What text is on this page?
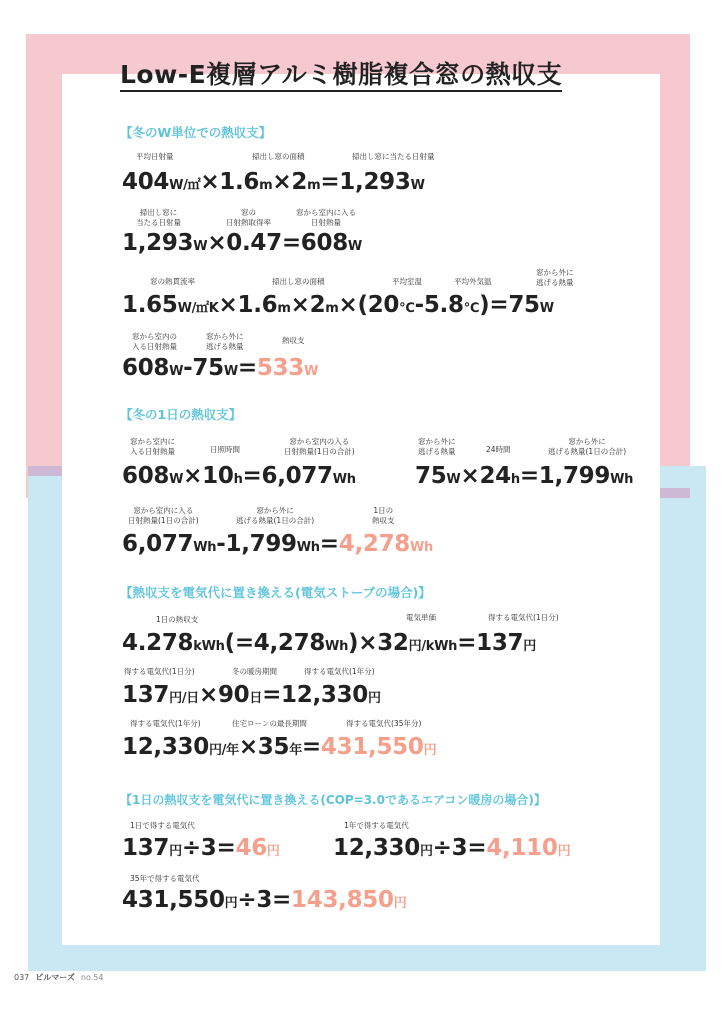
Low-E複層アルミ樹脂複合窓の熱収支
【冬のW単位での熱収支】
平均日射量	掃出し窓の面積	掃出し窓に当たる日射量
404W/㎡×1.6m×2m=1,293W
掃出し窓に
当たる日射量
窓の
日射熱取得率
窓から室内に入る
日射熱量
1,293W×0.47=608W
窓の熱貫流率	掃出し窓の面積	平均室温	平均外気温
窓から外に
逃げる熱量
1.65W/㎡K×1.6m×2m×(20℃-5.8℃)=75W
窓から室内の
入る日射熱量
窓から外に
逃げる熱量
熱収支
608W-75W=533W
【冬の1日の熱収支】
窓から室内に
入る日射熱量	日照時間
窓から室内の入る
日射熱量(1日の合計)
窓から外に
逃げる熱量	24時間
窓から外に
逃げる熱量(1日の合計)
608W×10h=6,077Wh	75W×24h=1,799Wh
窓から室内に入る
日射熱量(1日の合計)
窓から外に
逃げる熱量(1日の合計)
1日の
熱収支
6,077Wh-1,799Wh=4,278Wh
【熱収支を電気代に置き換える(電気ストーブの場合)】
1日の熱収支	電気単価	得する電気代(1日分)
4.278kWh(=4,278Wh)×32円/kWh=137円
得する電気代(1日分)	冬の暖房期間	得する電気代(1年分)
137円/日×90日=12,330円
得する電気代(1年分)	住宅ローンの最長期間	得する電気代(35年分)
12,330円/年×35年=431,550円
【1日の熱収支を電気代に置き換える(COP=3.0であるエアコン暖房の場合)】
1日で得する電気代	1年で得する電気代
137円÷3=46円 12,330円÷3=4,110円
35年で得する電気代
431,550円÷3=143,850円
037 ビルマーズ no.54
